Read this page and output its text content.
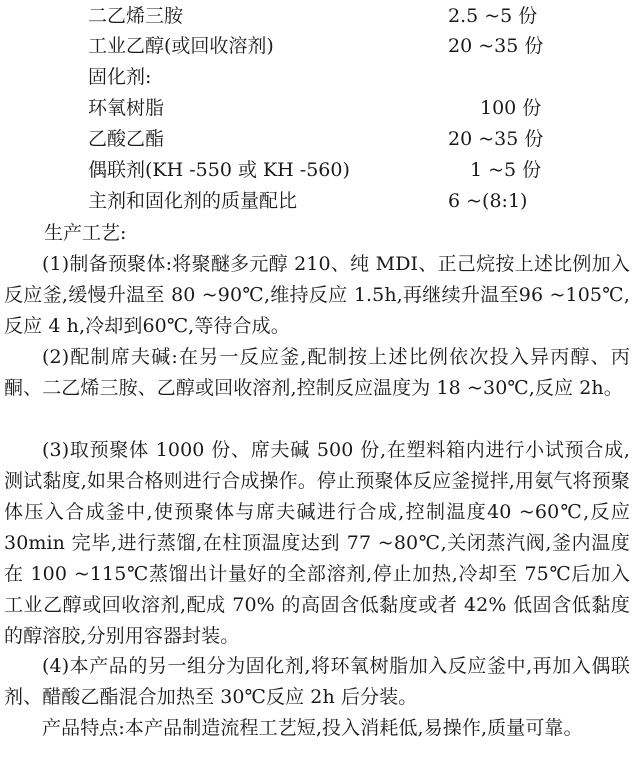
二乙烯三胺	2.5 ~5 份
工业乙醇(或回收溶剂)	20 ~35 份
固化剂:
环氧树脂	100 份
乙酸乙酯	20 ~35 份
偶联剂(KH -550 或 KH -560)	1 ~5 份
主剂和固化剂的质量配比	6 ~(8:1)
生产工艺:
(1)制备预聚体:将聚醚多元醇 210、纯 MDI、正己烷按上述比例加入反应釜,缓慢升温至 80 ~90℃,维持反应 1.5h,再继续升温至96 ~105℃,反应 4 h,冷却到60℃,等待合成。
(2)配制席夫碱:在另一反应釜,配制按上述比例依次投入异丙醇、丙酮、二乙烯三胺、乙醇或回收溶剂,控制反应温度为 18 ~30℃,反应 2h。
(3)取预聚体 1000 份、席夫碱 500 份,在塑料箱内进行小试预合成,测试黏度,如果合格则进行合成操作。停止预聚体反应釜搅拌,用氨气将预聚体压入合成釜中,使预聚体与席夫碱进行合成,控制温度40 ~60℃,反应 30min 完毕,进行蒸馏,在柱顶温度达到 77 ~80℃,关闭蒸汽阀,釜内温度在 100 ~115℃蒸馏出计量好的全部溶剂,停止加热,冷却至 75℃后加入工业乙醇或回收溶剂,配成 70% 的高固含低黏度或者 42% 低固含低黏度的醇溶胶,分别用容器封装。
(4)本产品的另一组分为固化剂,将环氧树脂加入反应釜中,再加入偶联剂、醋酸乙酯混合加热至 30℃反应 2h 后分装。
产品特点:本产品制造流程工艺短,投入消耗低,易操作,质量可靠。
